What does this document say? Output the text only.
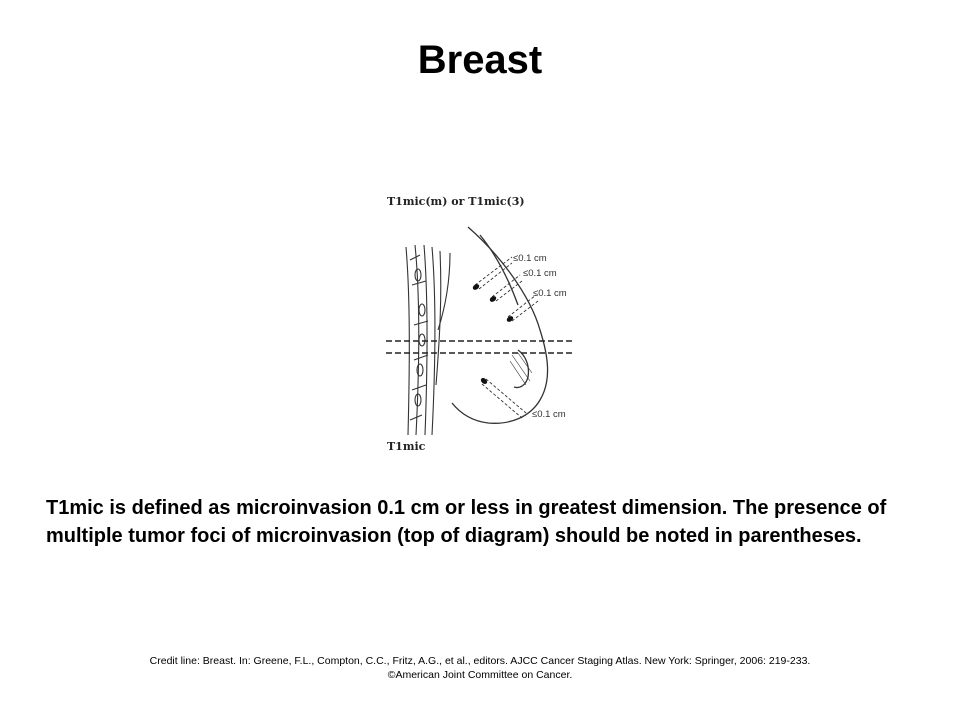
Breast
T1mic(m) or T1mic(3)
T1mic
≤0.1 cm
≤0.1 cm
≤0.1 cm
≤0.1 cm

T1mic is defined as microinvasion 0.1 cm or less in greatest dimension. The presence of multiple tumor foci of microinvasion (top of diagram) should be noted in parentheses.

Credit line: Breast. In: Greene, F.L., Compton, C.C., Fritz, A.G., et al., editors. AJCC Cancer Staging Atlas. New York: Springer, 2006: 219-233.
©American Joint Committee on Cancer.
